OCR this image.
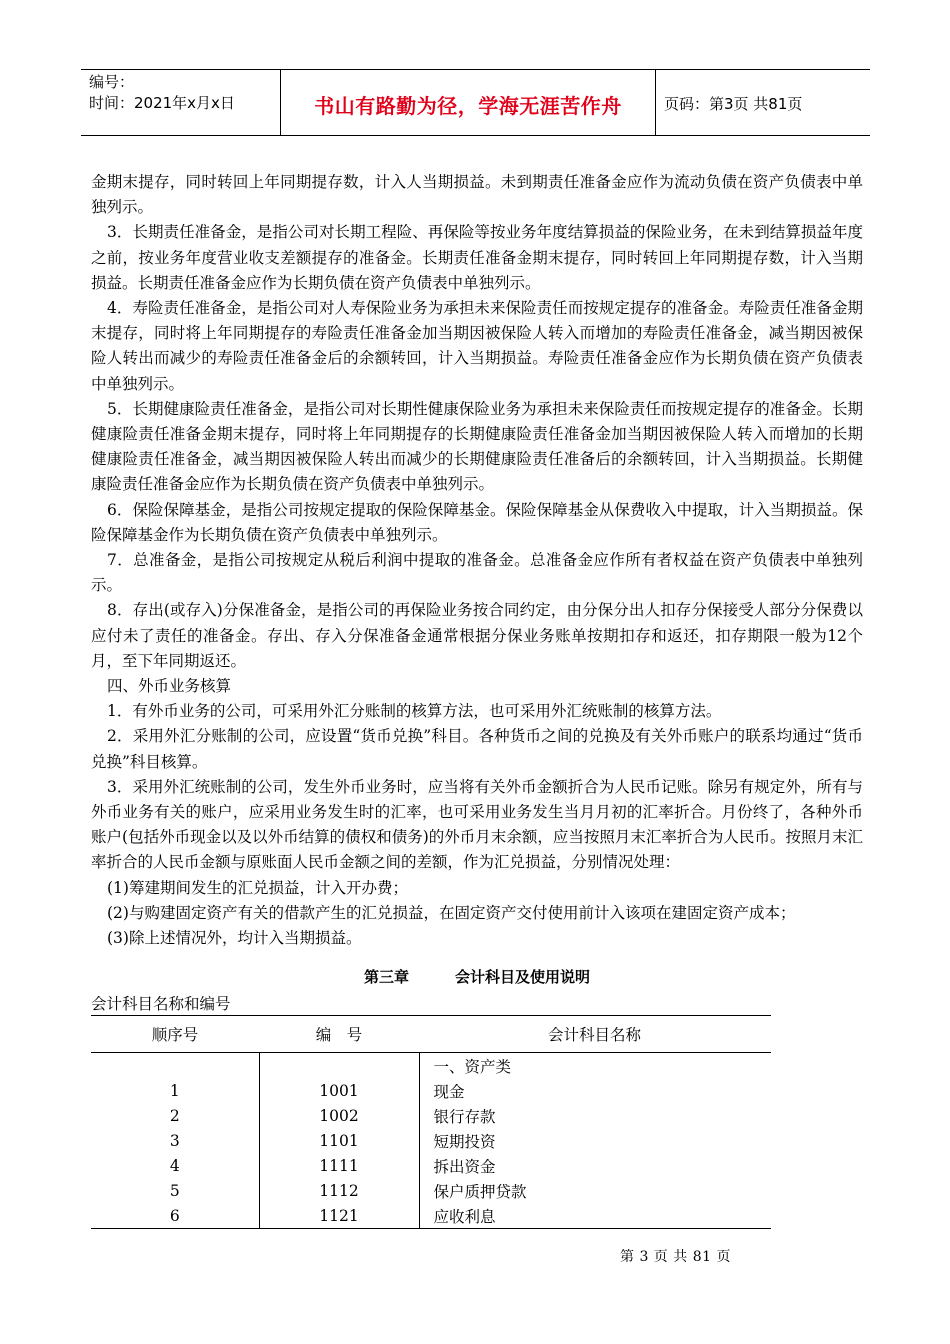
编号：
时间：2021年x月x日	书山有路勤为径，学海无涯苦作舟	页码：第3页 共81页

金期末提存，同时转回上年同期提存数，计入人当期损益。未到期责任准备金应作为流动负债在资产负债表中单独列示。

3．长期责任准备金，是指公司对长期工程险、再保险等按业务年度结算损益的保险业务，在未到结算损益年度之前，按业务年度营业收支差额提存的准备金。长期责任准备金期末提存，同时转回上年同期提存数，计入当期损益。长期责任准备金应作为长期负债在资产负债表中单独列示。

4．寿险责任准备金，是指公司对人寿保险业务为承担未来保险责任而按规定提存的准备金。寿险责任准备金期末提存，同时将上年同期提存的寿险责任准备金加当期因被保险人转入而增加的寿险责任准备金，减当期因被保险人转出而减少的寿险责任准备金后的余额转回，计入当期损益。寿险责任准备金应作为长期负债在资产负债表中单独列示。

5．长期健康险责任准备金，是指公司对长期性健康保险业务为承担未来保险责任而按规定提存的准备金。长期健康险责任准备金期末提存，同时将上年同期提存的长期健康险责任准备金加当期因被保险人转入而增加的长期健康险责任准备金，减当期因被保险人转出而减少的长期健康险责任准备后的余额转回，计入当期损益。长期健康险责任准备金应作为长期负债在资产负债表中单独列示。

6．保险保障基金，是指公司按规定提取的保险保障基金。保险保障基金从保费收入中提取，计入当期损益。保险保障基金作为长期负债在资产负债表中单独列示。

7．总准备金，是指公司按规定从税后利润中提取的准备金。总准备金应作所有者权益在资产负债表中单独列示。

8．存出(或存入)分保准备金，是指公司的再保险业务按合同约定，由分保分出人扣存分保接受人部分分保费以应付未了责任的准备金。存出、存入分保准备金通常根据分保业务账单按期扣存和返还，扣存期限一般为12个月，至下年同期返还。

四、外币业务核算

1．有外币业务的公司，可采用外汇分账制的核算方法，也可采用外汇统账制的核算方法。

2．采用外汇分账制的公司，应设置“货币兑换”科目。各种货币之间的兑换及有关外币账户的联系均通过“货币兑换”科目核算。

3．采用外汇统账制的公司，发生外币业务时，应当将有关外币金额折合为人民币记账。除另有规定外，所有与外币业务有关的账户，应采用业务发生时的汇率，也可采用业务发生当月月初的汇率折合。月份终了，各种外币账户(包括外币现金以及以外币结算的债权和债务)的外币月末余额，应当按照月末汇率折合为人民币。按照月末汇率折合的人民币金额与原账面人民币金额之间的差额，作为汇兑损益，分别情况处理：

(1)筹建期间发生的汇兑损益，计入开办费；

(2)与购建固定资产有关的借款产生的汇兑损益，在固定资产交付使用前计入该项在建固定资产成本；

(3)除上述情况外，均计入当期损益。

第三章	会计科目及使用说明
会计科目名称和编号
顺序号	编　号	会计科目名称
		一、资产类
1	1001	现金
2	1002	银行存款
3	1101	短期投资
4	1111	拆出资金
5	1112	保户质押贷款
6	1121	应收利息
第 3 页 共 81 页
